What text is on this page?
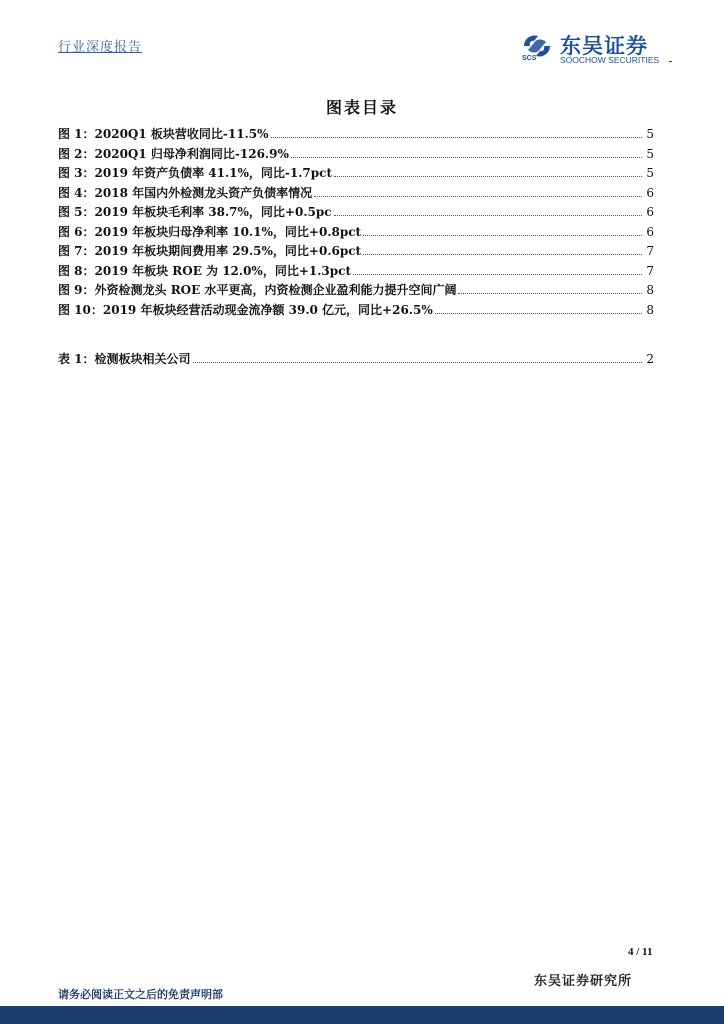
行业深度报告
SCS
东吴证券
SOOCHOW SECURITIES
图表目录
图 1：2020Q1 板块营收同比-11.5%	5
图 2：2020Q1 归母净利润同比-126.9%	5
图 3：2019 年资产负债率 41.1%，同比-1.7pct	5
图 4：2018 年国内外检测龙头资产负债率情况	6
图 5：2019 年板块毛利率 38.7%，同比+0.5pc	6
图 6：2019 年板块归母净利率 10.1%，同比+0.8pct	6
图 7：2019 年板块期间费用率 29.5%，同比+0.6pct	7
图 8：2019 年板块 ROE 为 12.0%，同比+1.3pct	7
图 9：外资检测龙头 ROE 水平更高，内资检测企业盈利能力提升空间广阔	8
图 10：2019 年板块经营活动现金流净额 39.0 亿元，同比+26.5%	8
表 1：检测板块相关公司	2
4 / 11
东吴证券研究所
请务必阅读正文之后的免责声明部
